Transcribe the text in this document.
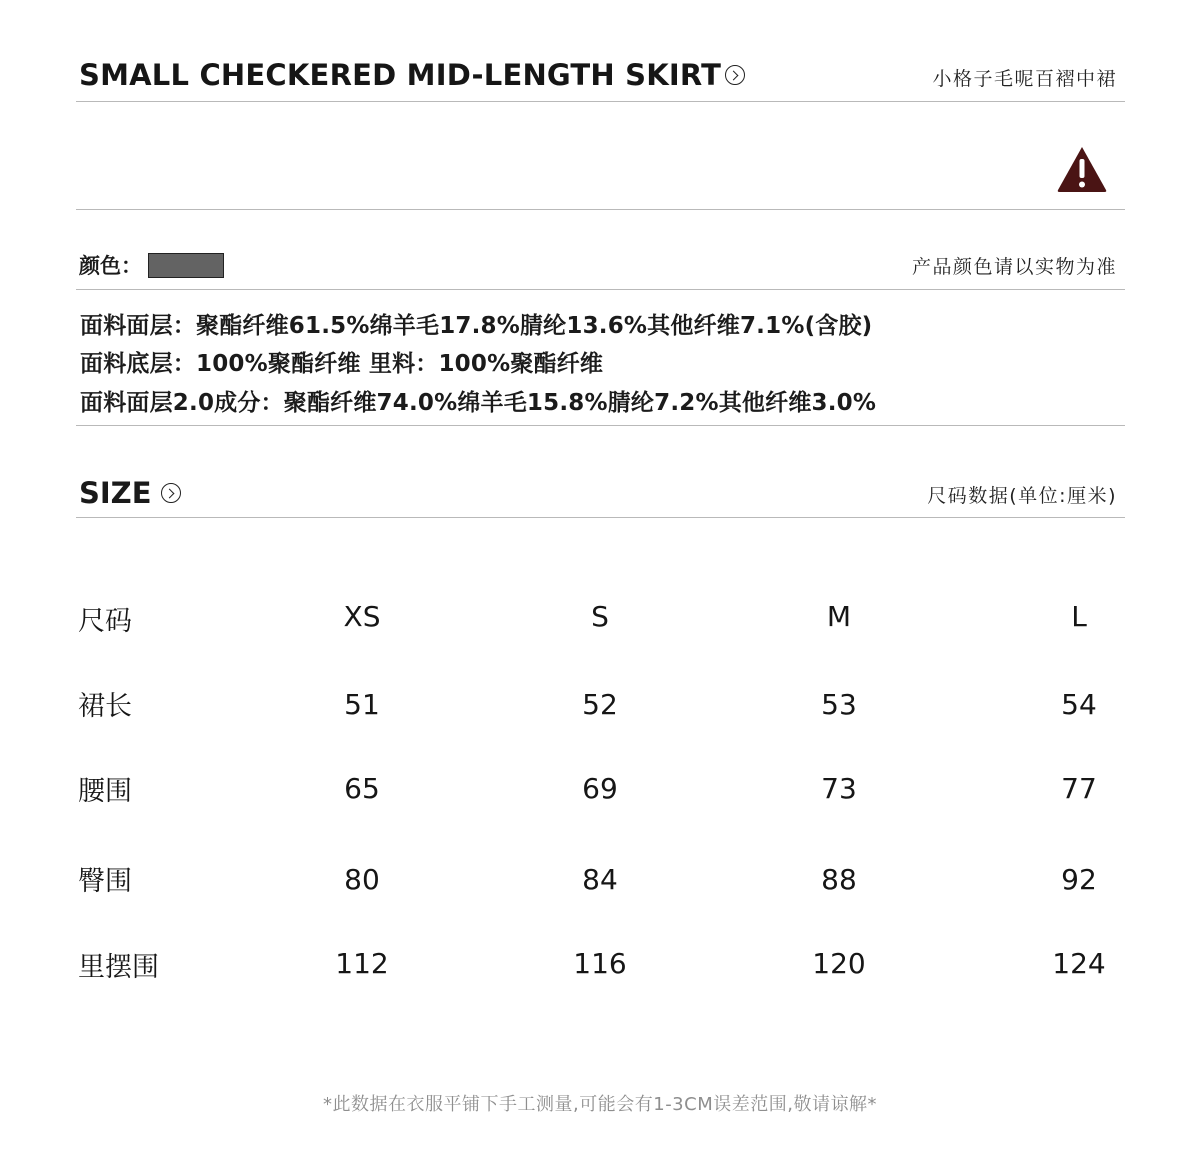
SMALL CHECKERED MID-LENGTH SKIRT	小格子毛呢百褶中裙
颜色：	产品颜色请以实物为准
面料面层：聚酯纤维61.5%绵羊毛17.8%腈纶13.6%其他纤维7.1%(含胶)
面料底层：100%聚酯纤维 里料：100%聚酯纤维
面料面层2.0成分：聚酯纤维74.0%绵羊毛15.8%腈纶7.2%其他纤维3.0%
SIZE	尺码数据(单位:厘米)
尺码	XS	S	M	L
裙长	51	52	53	54
腰围	65	69	73	77
臀围	80	84	88	92
里摆围	112	116	120	124
*此数据在衣服平铺下手工测量,可能会有1-3CM误差范围,敬请谅解*
